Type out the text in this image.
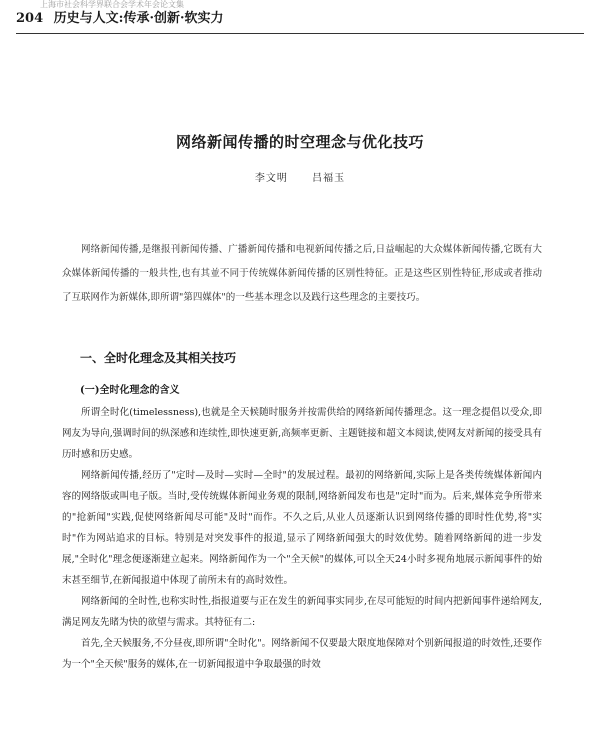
上海市社会科学界联合会学术年会论文集
204 历史与人文:传承·创新·软实力
网络新闻传播的时空理念与优化技巧
李文明 吕福玉

网络新闻传播,是继报刊新闻传播、广播新闻传播和电视新闻传播之后,日益崛起的大众媒体新闻传播,它既有大众媒体新闻传播的一般共性,也有其並不同于传统媒体新闻传播的区别性特征。正是这些区别性特征,形成或者推动了互联网作为新媒体,即所谓"第四媒体"的一些基本理念以及践行这些理念的主要技巧。

一、全时化理念及其相关技巧
(一)全时化理念的含义

所谓全时化(timelessness),也就是全天候随时服务并按需供给的网络新闻传播理念。这一理念提倡以受众,即网友为导向,强调时间的纵深感和连续性,即快速更新,高频率更新、主题链接和超文本阅读,使网友对新闻的接受具有历时感和历史感。

网络新闻传播,经历了"定时—及时—实时—全时"的发展过程。最初的网络新闻,实际上是各类传统媒体新闻内容的网络版或叫电子版。当时,受传统媒体新闻业务观的限制,网络新闻发布也是"定时"而为。后来,媒体竞争所带来的"抢新闻"实践,促使网络新闻尽可能"及时"而作。不久之后,从业人员逐渐认识到网络传播的即时性优势,将"实时"作为网站追求的目标。特别是对突发事件的报道,显示了网络新闻强大的时效优势。随着网络新闻的进一步发展,"全时化"理念便逐渐建立起来。网络新闻作为一个"全天候"的媒体,可以全天24小时多视角地展示新闻事件的始末甚至细节,在新闻报道中体现了前所未有的高时效性。

网络新闻的全时性,也称实时性,指报道要与正在发生的新闻事实同步,在尽可能短的时间内把新闻事件递给网友,满足网友先睹为快的欲望与需求。其特征有二:

首先,全天候服务,不分昼夜,即所谓"全时化"。网络新闻不仅要最大限度地保障对个别新闻报道的时效性,还要作为一个"全天候"服务的媒体,在一切新闻报道中争取最强的时效
